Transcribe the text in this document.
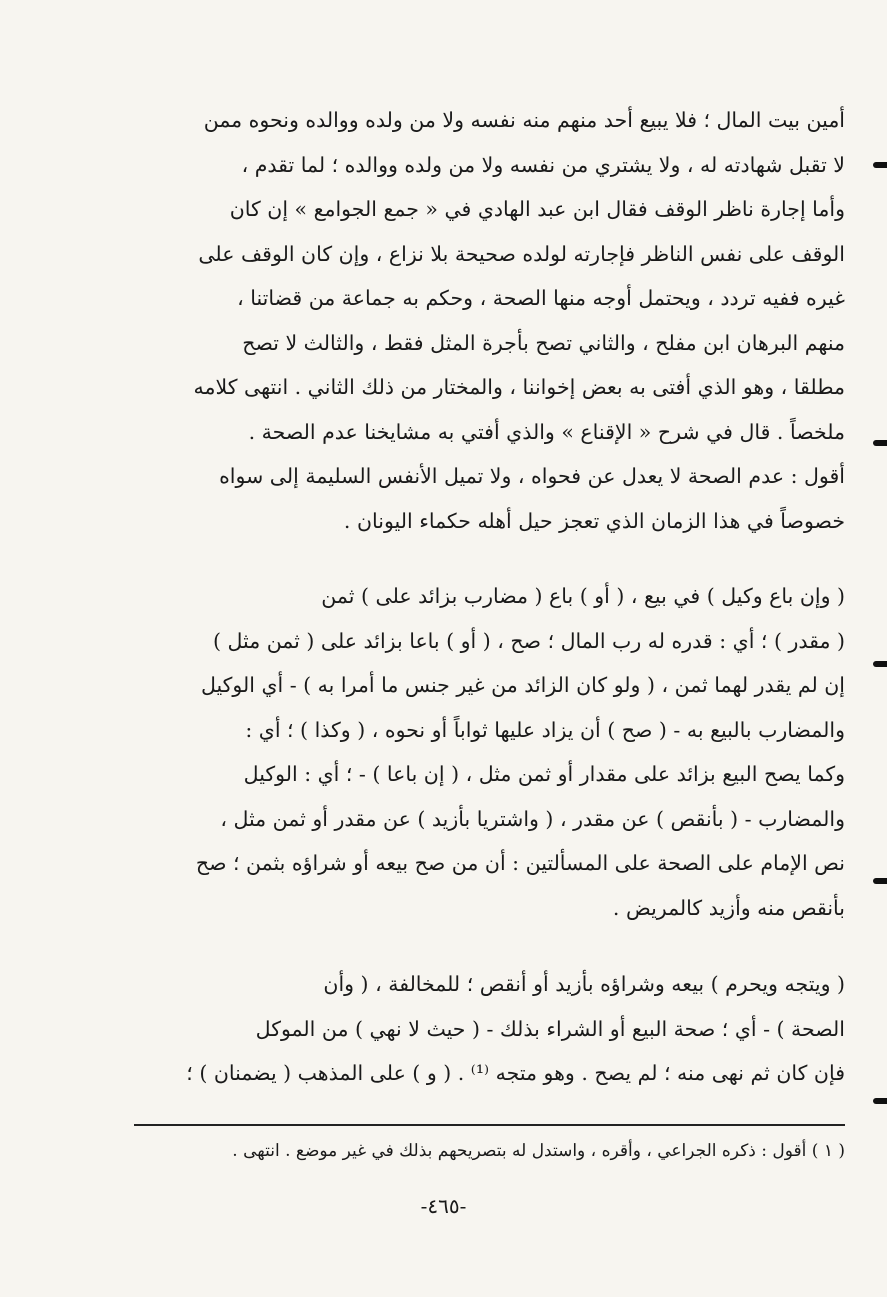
أمين بيت المال ؛ فلا يبيع أحد منهم منه نفسه ولا من ولده ووالده ونحوه ممن
لا تقبل شهادته له ، ولا يشتري من نفسه ولا من ولده ووالده ؛ لما تقدم ،
وأما إجارة ناظر الوقف فقال ابن عبد الهادي في « جمع الجوامع » إن كان
الوقف على نفس الناظر فإجارته لولده صحيحة بلا نزاع ، وإن كان الوقف على
غيره ففيه تردد ، ويحتمل أوجه منها الصحة ، وحكم به جماعة من قضاتنا ،
منهم البرهان ابن مفلح ، والثاني تصح بأجرة المثل فقط ، والثالث لا تصح
مطلقا ، وهو الذي أفتى به بعض إخواننا ، والمختار من ذلك الثاني . انتهى كلامه
ملخصاً . قال في شرح « الإقناع » والذي أفتي به مشايخنا عدم الصحة .
أقول : عدم الصحة لا يعدل عن فحواه ، ولا تميل الأنفس السليمة إلى سواه
خصوصاً في هذا الزمان الذي تعجز حيل أهله حكماء اليونان .
( وإن باع وكيل ) في بيع ، ( أو ) باع ( مضارب بزائد على ) ثمن
( مقدر ) ؛ أي : قدره له رب المال ؛ صح ، ( أو ) باعا بزائد على ( ثمن مثل )
إن لم يقدر لهما ثمن ، ( ولو كان الزائد من غير جنس ما أمرا به ) - أي الوكيل
والمضارب بالبيع به - ( صح ) أن يزاد عليها ثواباً أو نحوه ، ( وكذا ) ؛ أي :
وكما يصح البيع بزائد على مقدار أو ثمن مثل ، ( إن باعا ) - ؛ أي : الوكيل
والمضارب - ( بأنقص ) عن مقدر ، ( واشتريا بأزيد ) عن مقدر أو ثمن مثل ،
نص الإمام على الصحة على المسألتين : أن من صح بيعه أو شراؤه بثمن ؛ صح
بأنقص منه وأزيد كالمريض .
( ويتجه ويحرم ) بيعه وشراؤه بأزيد أو أنقص ؛ للمخالفة ، ( وأن
الصحة ) - أي ؛ صحة البيع أو الشراء بذلك - ( حيث لا نهي ) من الموكل
فإن كان ثم نهى منه ؛ لم يصح . وهو متجه ⁽¹⁾ . ( و ) على المذهب ( يضمنان ) ؛
( ١ ) أقول : ذكره الجراعي ، وأقره ، واستدل له بتصريحهم بذلك في غير موضع . انتهى .
-٤٦٥-
